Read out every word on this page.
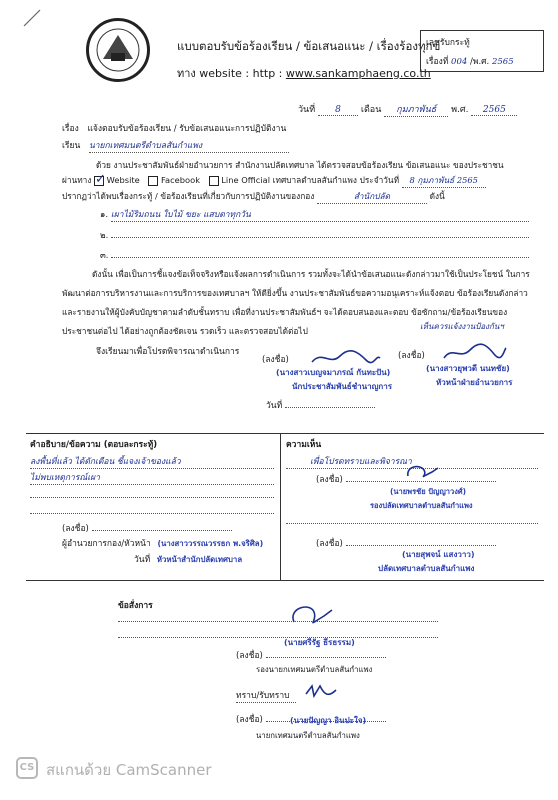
แบบตอบรับข้อร้องเรียน / ข้อเสนอแนะ / เรื่องร้องทุกข์
ทาง website : http : www.sankamphaeng.co.th
เลขรับกระทู้
เรื่องที่ 004 /พ.ศ. 2565
วันที่ 8 เดือน กุมภาพันธ์ พ.ศ. 2565
เรื่อง แจ้งตอบรับข้อร้องเรียน / รับข้อเสนอแนะการปฏิบัติงาน
เรียน นายกเทศมนตรีตำบลสันกำแพง
ด้วย งานประชาสัมพันธ์ฝ่ายอำนวยการ สำนักงานปลัดเทศบาล ได้ตรวจสอบข้อร้องเรียน ข้อเสนอแนะ ของประชาชน
ผ่านทาง ✓ Website	Facebook	Line Official เทศบาลตำบลสันกำแพง ประจำวันที่ 8 กุมภาพันธ์ 2565
ปรากฏว่าได้พบเรื่องกระทู้ / ข้อร้องเรียนที่เกี่ยวกับการปฏิบัติงานของกอง	สำนักปลัด	ดังนี้
๑. เผาไม้ริมถนน ใบไม้ ขยะ แสบตาทุกวัน
๒.
๓.
ดังนั้น เพื่อเป็นการชี้แจงข้อเท็จจริงหรือแจ้งผลการดำเนินการ รวมทั้งจะได้นำข้อเสนอแนะดังกล่าวมาใช้เป็นประโยชน์ ในการพัฒนาต่อการบริหารงานและการบริการของเทศบาลฯ ให้ดียิ่งขึ้น งานประชาสัมพันธ์ขอความอนุเคราะห์แจ้งตอบ ข้อร้องเรียนดังกล่าวและรายงานให้ผู้บังคับบัญชาตามลำดับชั้นทราบ เพื่อที่งานประชาสัมพันธ์ฯ จะได้ตอบสนองและตอบ ข้อซักถาม/ข้อร้องเรียนของประชาชนต่อไป ได้อย่างถูกต้องชัดเจน รวดเร็ว และตรวจสอบได้ต่อไป	เห็นควรแจ้งงานป้องกันฯ
จึงเรียนมาเพื่อโปรดพิจารณาดำเนินการ
(ลงชื่อ)	(ลงชื่อ)
(นางสาวเบญจมาภรณ์ กันทะปัน)
นักประชาสัมพันธ์ชำนาญการ
(นางสาวยุพวดี นนทชัย)
หัวหน้าฝ่ายอำนวยการ
วันที่
คำอธิบาย/ข้อความ (ตอบละกระทู้)
ลงพื้นที่แล้ว ได้ตักเตือน ชี้แจงเจ้าของแล้ว
ไม่พบเหตุการณ์เผา
(ลงชื่อ)
ผู้อำนวยการกอง/หัวหน้า (นางสาววรรณวรรธก พ.จริศิล)
วันที่ หัวหน้าสำนักปลัดเทศบาล
ความเห็น
เพื่อโปรดทราบและพิจารณา
(ลงชื่อ)
(นายพรชัย ปัญญาวงศ์)
รองปลัดเทศบาลตำบลสันกำแพง
(ลงชื่อ)
(นายสุพจน์ แสงวาว)
ปลัดเทศบาลตำบลสันกำแพง
ข้อสั่งการ
(ลงชื่อ)
(นายศรีรัฐ ธีรธรรม)
รองนายกเทศมนตรีตำบลสันกำแพง
ทราบ/รับทราบ
(ลงชื่อ)	(นายปัญญา อินปะใจ)
นายกเทศมนตรีตำบลสันกำแพง
CS สแกนด้วย CamScanner
